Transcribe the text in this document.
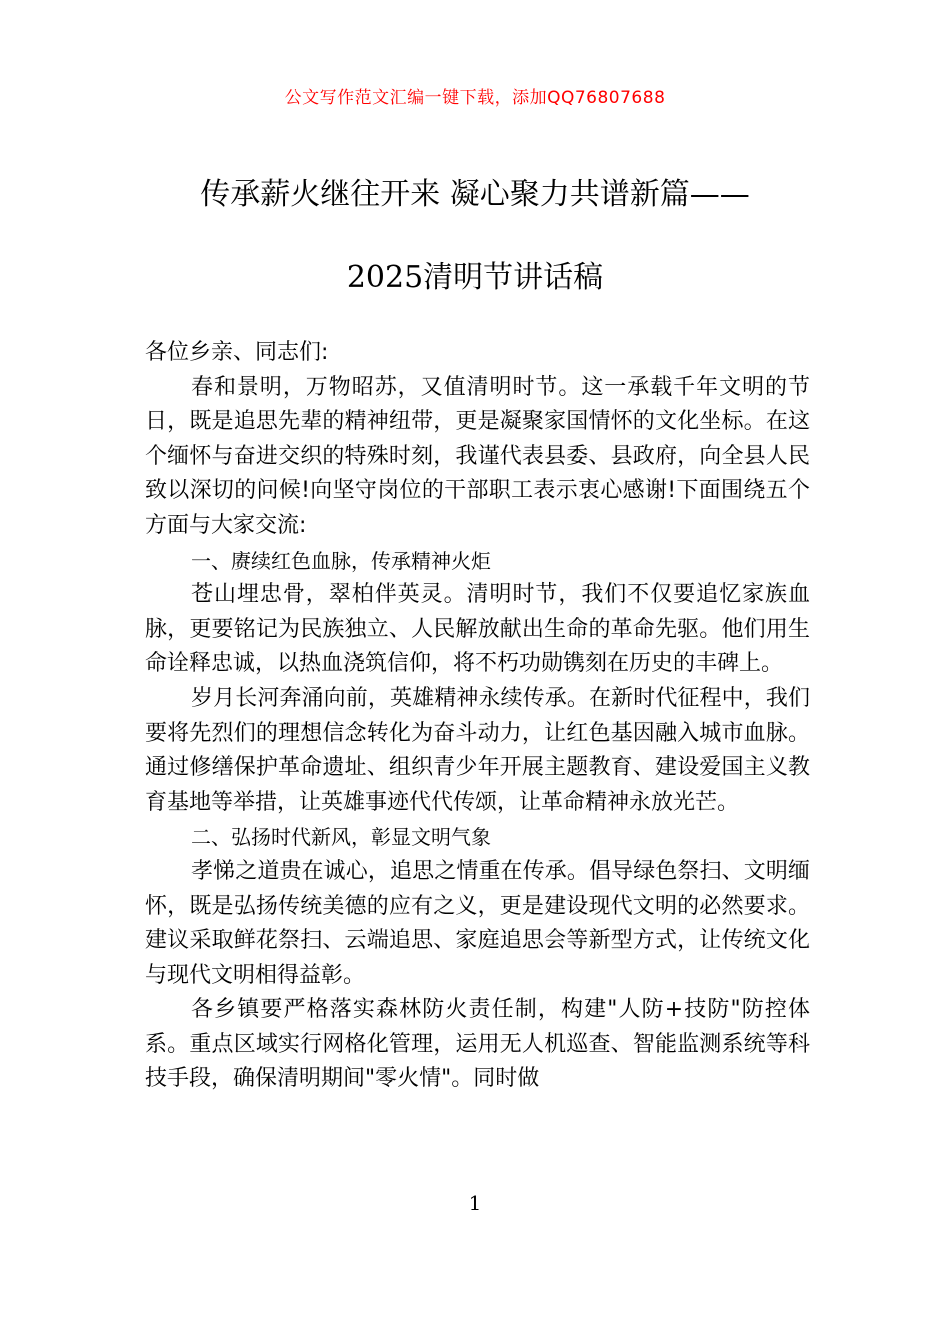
公文写作范文汇编一键下载，添加QQ76807688
传承薪火继往开来 凝心聚力共谱新篇——
2025清明节讲话稿

各位乡亲、同志们:

春和景明，万物昭苏，又值清明时节。这一承载千年文明的节日，既是追思先辈的精神纽带，更是凝聚家国情怀的文化坐标。在这个缅怀与奋进交织的特殊时刻，我谨代表县委、县政府，向全县人民致以深切的问候!向坚守岗位的干部职工表示衷心感谢!下面围绕五个方面与大家交流:

一、赓续红色血脉，传承精神火炬

苍山埋忠骨，翠柏伴英灵。清明时节，我们不仅要追忆家族血脉，更要铭记为民族独立、人民解放献出生命的革命先驱。他们用生命诠释忠诚，以热血浇筑信仰，将不朽功勋镌刻在历史的丰碑上。

岁月长河奔涌向前，英雄精神永续传承。在新时代征程中，我们要将先烈们的理想信念转化为奋斗动力，让红色基因融入城市血脉。通过修缮保护革命遗址、组织青少年开展主题教育、建设爱国主义教育基地等举措，让英雄事迹代代传颂，让革命精神永放光芒。

二、弘扬时代新风，彰显文明气象

孝悌之道贵在诚心，追思之情重在传承。倡导绿色祭扫、文明缅怀，既是弘扬传统美德的应有之义，更是建设现代文明的必然要求。建议采取鲜花祭扫、云端追思、家庭追思会等新型方式，让传统文化与现代文明相得益彰。

各乡镇要严格落实森林防火责任制，构建"人防+技防"防控体系。重点区域实行网格化管理，运用无人机巡查、智能监测系统等科技手段，确保清明期间"零火情"。同时做

1
